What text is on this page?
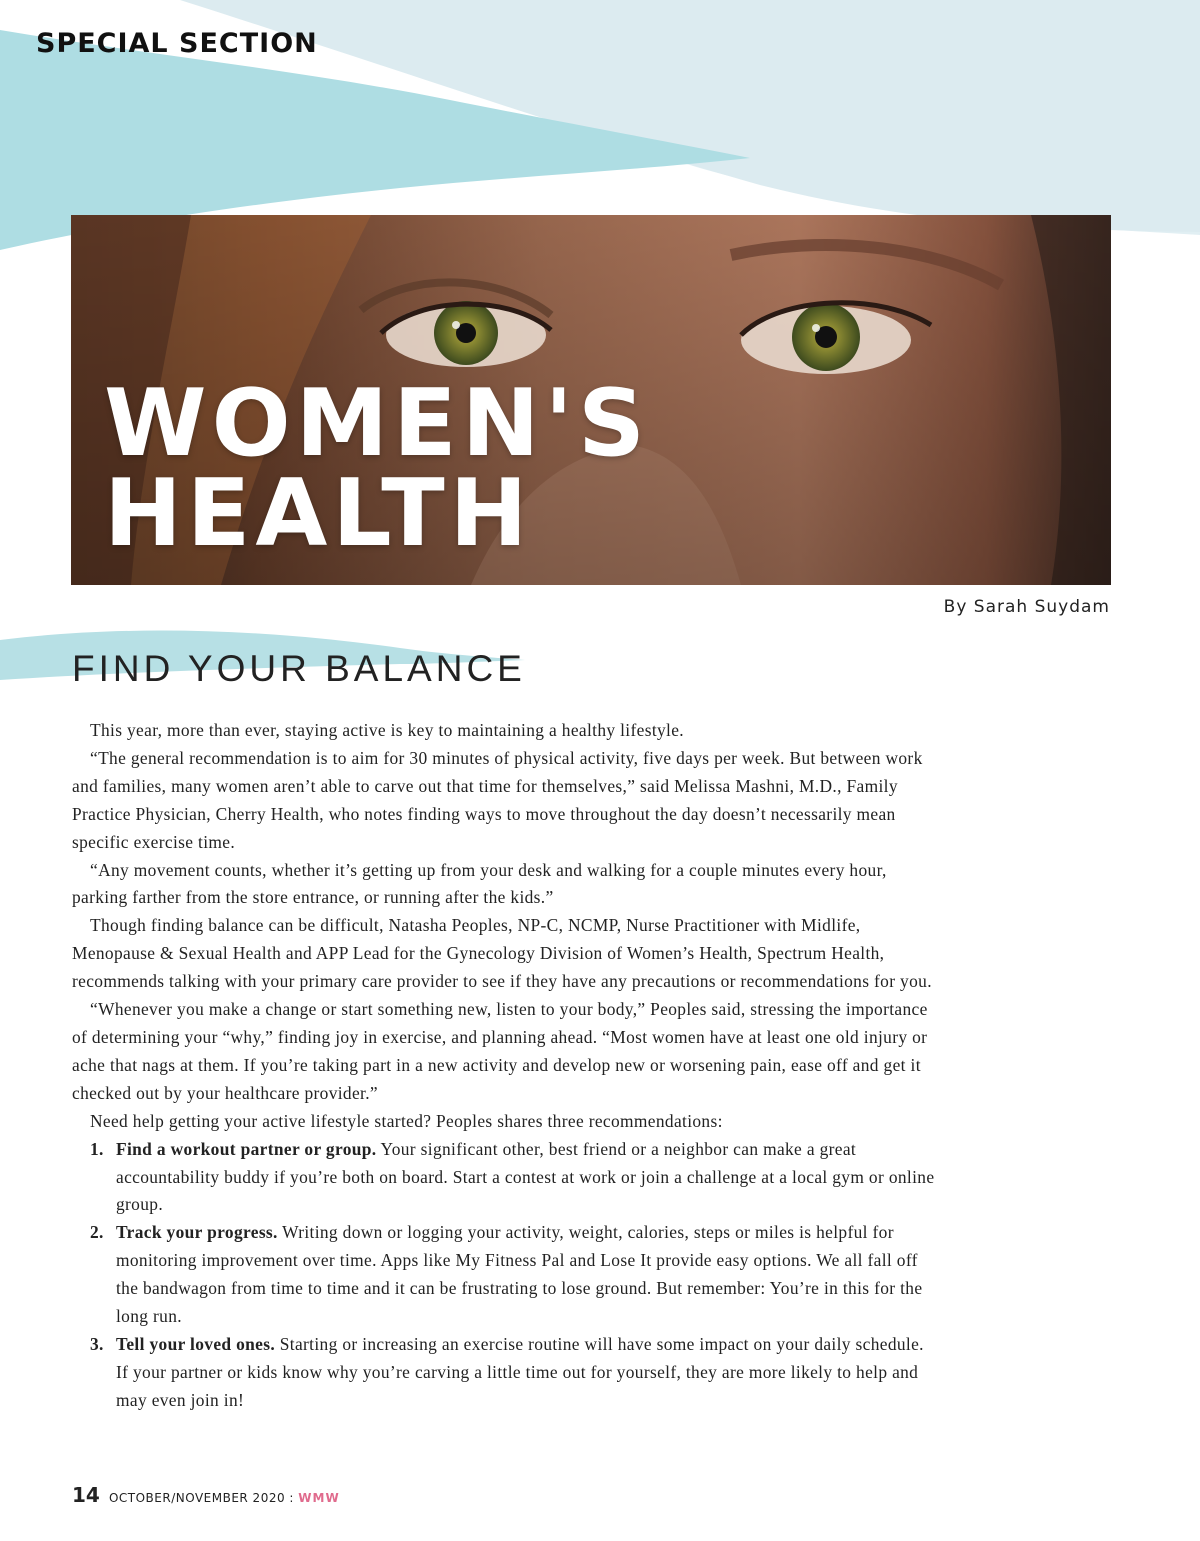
SPECIAL SECTION
WOMEN'S
HEALTH
By Sarah Suydam
FIND YOUR BALANCE

This year, more than ever, staying active is key to maintaining a healthy lifestyle.

“The general recommendation is to aim for 30 minutes of physical activity, five days per week. But between work and families, many women aren’t able to carve out that time for themselves,” said Melissa Mashni, M.D., Family Practice Physician, Cherry Health, who notes finding ways to move throughout the day doesn’t necessarily mean specific exercise time.

“Any movement counts, whether it’s getting up from your desk and walking for a couple minutes every hour, parking farther from the store entrance, or running after the kids.”

Though finding balance can be difficult, Natasha Peoples, NP-C, NCMP, Nurse Practitioner with Midlife, Menopause & Sexual Health and APP Lead for the Gynecology Division of Women’s Health, Spectrum Health, recommends talking with your primary care provider to see if they have any precautions or recommendations for you.

“Whenever you make a change or start something new, listen to your body,” Peoples said, stressing the importance of determining your “why,” finding joy in exercise, and planning ahead. “Most women have at least one old injury or ache that nags at them. If you’re taking part in a new activity and develop new or worsening pain, ease off and get it checked out by your healthcare provider.”

Need help getting your active lifestyle started? Peoples shares three recommendations:

1. Find a workout partner or group. Your significant other, best friend or a neighbor can make a great accountability buddy if you’re both on board. Start a contest at work or join a challenge at a local gym or online group.
2. Track your progress. Writing down or logging your activity, weight, calories, steps or miles is helpful for monitoring improvement over time. Apps like My Fitness Pal and Lose It provide easy options. We all fall off the bandwagon from time to time and it can be frustrating to lose ground. But remember: You’re in this for the long run.
3. Tell your loved ones. Starting or increasing an exercise routine will have some impact on your daily schedule. If your partner or kids know why you’re carving a little time out for yourself, they are more likely to help and may even join in!
14 OCTOBER/NOVEMBER 2020 : WMW
